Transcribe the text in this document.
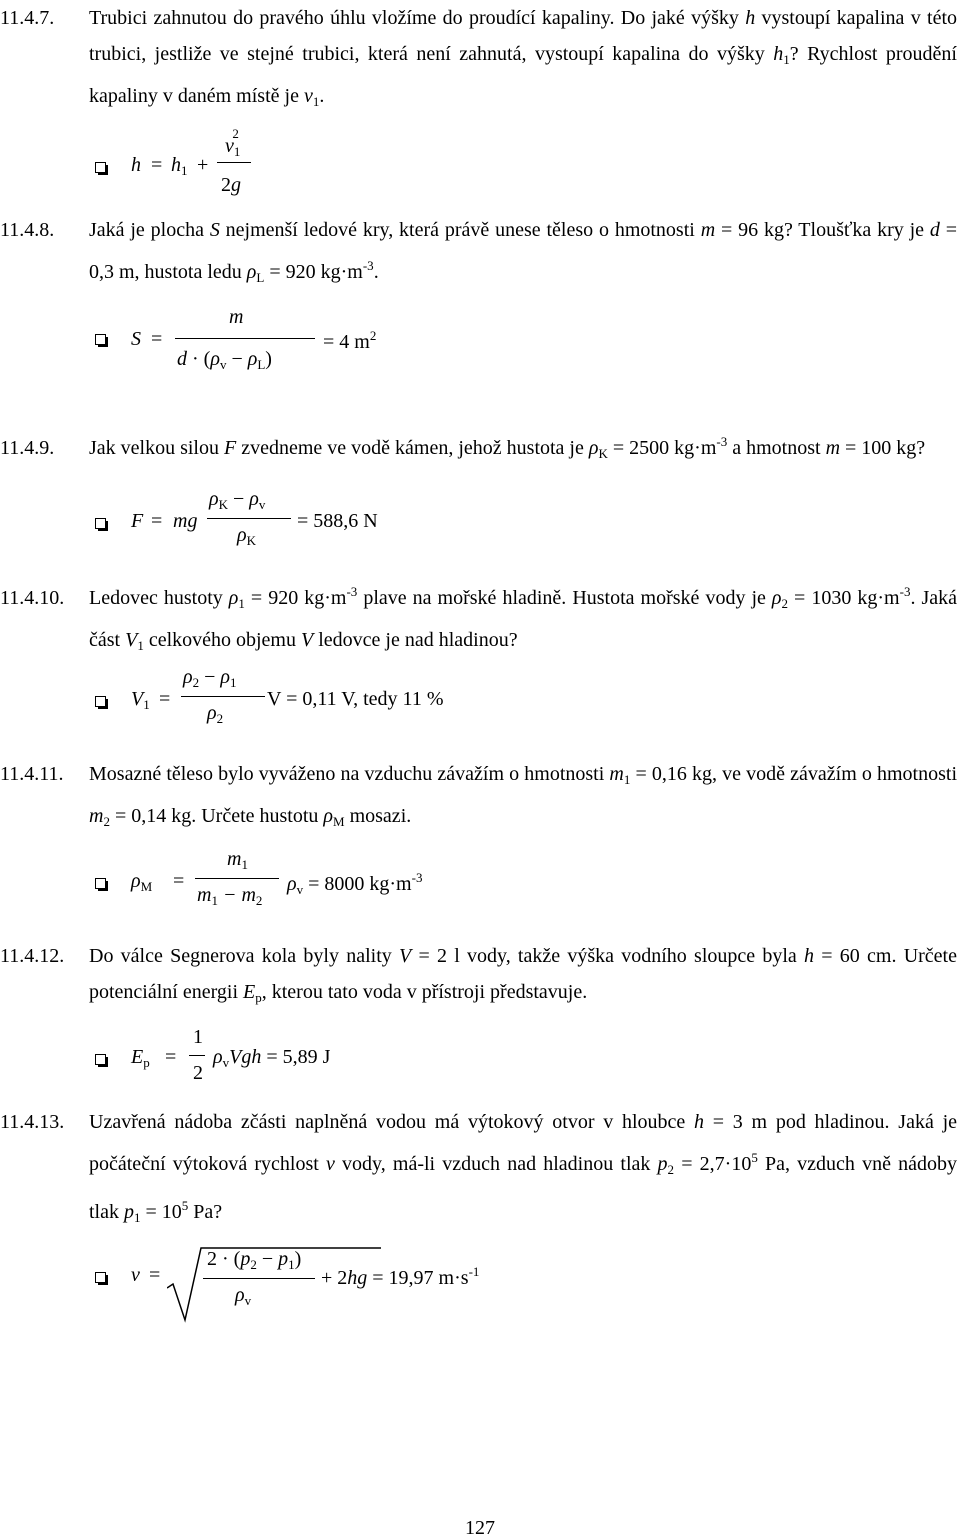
11.4.7. Trubici zahnutou do pravého úhlu vložíme do proudící kapaliny. Do jaké výšky h vystoupí kapalina v této trubici, jestliže ve stejné trubici, která není zahnutá, vystoupí kapalina do výšky $h_1$? Rychlost proudění kapaliny v daném místě je $v_1$.
$h = h_1$ +
$v_1^2$
2g
11.4.8. Jaká je plocha S nejmenší ledové kry, která právě unese těleso o hmotnosti m = 96 kg? Tloušťka kry je d = 0,3 m, hustota ledu $\rho_L = 920$ $kg\cdot m^{-3}$.
S =
m
$d \cdot (\rho_v - \rho_L)$
= 4 $m^2$
11.4.9. Jak velkou silou F zvedneme ve vodě kámen, jehož hustota je $\rho_K = 2500$ $kg\cdot m^{-3}$ a hmotnost m = 100 kg?
F = mg
$\rho_K - \rho_v$
$\rho_K$
= 588,6 N
11.4.10. Ledovec hustoty $\rho_1 = 920$ $kg\cdot m^{-3}$ plave na mořské hladině. Hustota mořské vody je $\rho_2 = 1030$ $kg\cdot m^{-3}$. Jaká část $V_1$ celkového objemu V ledovce je nad hladinou?
$V_1$ =
$\rho_2 - \rho_1$
$\rho_2$
V = 0,11 V, tedy 11 %
11.4.11. Mosazné těleso bylo vyváženo na vzduchu závažím o hmotnosti $m_1 = 0,16$ kg, ve vodě závažím o hmotnosti $m_2 = 0,14$ kg. Určete hustotu $\rho_M$ mosazi.
$\rho_M$ =
$m_1$
$m_1 - m_2$
$\rho_v = 8000$ $kg\cdot m^{-3}$
11.4.12. Do válce Segnerova kola byly nality V = 2 l vody, takže výška vodního sloupce byla h = 60 cm. Určete potenciální energii $E_p$, kterou tato voda v přístroji představuje.
$E_p$ =
1
2
$\rho_vVgh = 5,89$ J
11.4.13. Uzavřená nádoba zčásti naplněná vodou má výtokový otvor v hloubce h = 3 m pod hladinou. Jaká je počáteční výtoková rychlost v vody, má-li vzduch nad hladinou tlak $p_2 = 2,7\cdot 10^5$ Pa, vzduch vně nádoby tlak $p_1 = 10^5$ Pa?
v =
$2 \cdot (p_2 - p_1)$
$\rho_v$
+ 2hg = 19,97 $m\cdot s^{-1}$
127
